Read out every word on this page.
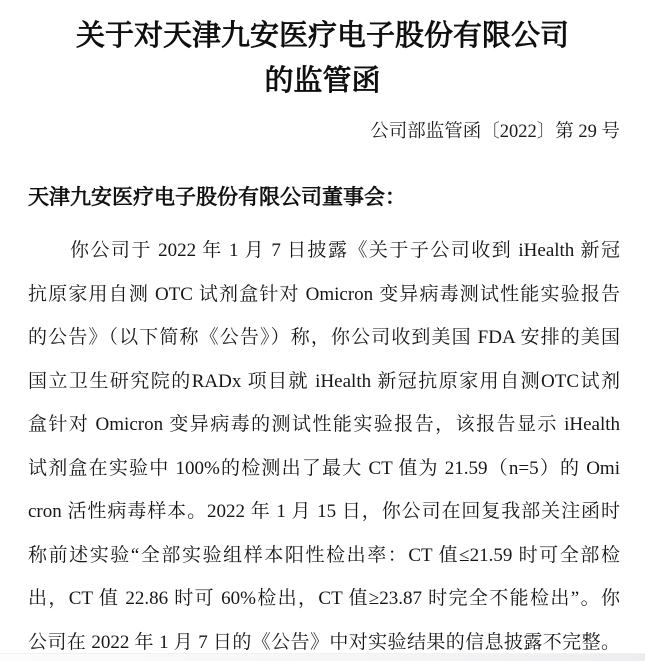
关于对天津九安医疗电子股份有限公司
的监管函
公司部监管函〔2022〕第 29 号
天津九安医疗电子股份有限公司董事会：
你公司于 2022 年 1 月 7 日披露《关于子公司收到 iHealth 新冠
抗原家用自测 OTC 试剂盒针对 Omicron 变异病毒测试性能实验报告
的公告》（以下简称《公告》）称，你公司收到美国 FDA 安排的美国
国立卫生研究院的RADx 项目就 iHealth 新冠抗原家用自测OTC试剂
盒针对 Omicron 变异病毒的测试性能实验报告，该报告显示 iHealth
试剂盒在实验中 100%的检测出了最大 CT 值为 21.59（n=5）的 Omi
cron 活性病毒样本。2022 年 1 月 15 日，你公司在回复我部关注函时
称前述实验“全部实验组样本阳性检出率：CT 值≤21.59 时可全部检
出，CT 值 22.86 时可 60%检出，CT 值≥23.87 时完全不能检出”。你
公司在 2022 年 1 月 7 日的《公告》中对实验结果的信息披露不完整。
